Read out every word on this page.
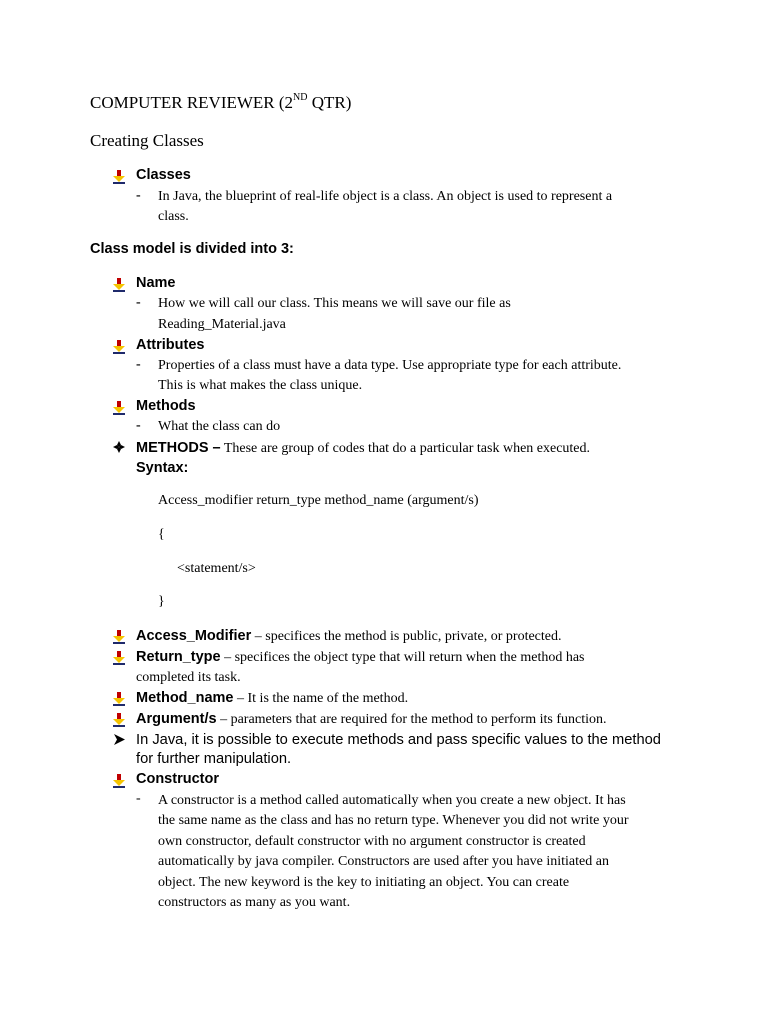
COMPUTER REVIEWER (2ND QTR)
Creating Classes
Classes
- In Java, the blueprint of real-life object is a class. An object is used to represent a
class.
Class model is divided into 3:
Name
- How we will call our class. This means we will save our file as
Reading_Material.java
Attributes
- Properties of a class must have a data type. Use appropriate type for each attribute.
This is what makes the class unique.
Methods
- What the class can do
METHODS – These are group of codes that do a particular task when executed.
Syntax:
Access_modifier return_type method_name (argument/s)
{
<statement/s>
}
Access_Modifier – specifices the method is public, private, or protected.
Return_type – specifices the object type that will return when the method has
completed its task.
Method_name – It is the name of the method.
Argument/s – parameters that are required for the method to perform its function.
In Java, it is possible to execute methods and pass specific values to the method
for further manipulation.
Constructor
- A constructor is a method called automatically when you create a new object. It has
the same name as the class and has no return type. Whenever you did not write your
own constructor, default constructor with no argument constructor is created
automatically by java compiler. Constructors are used after you have initiated an
object. The new keyword is the key to initiating an object. You can create
constructors as many as you want.
